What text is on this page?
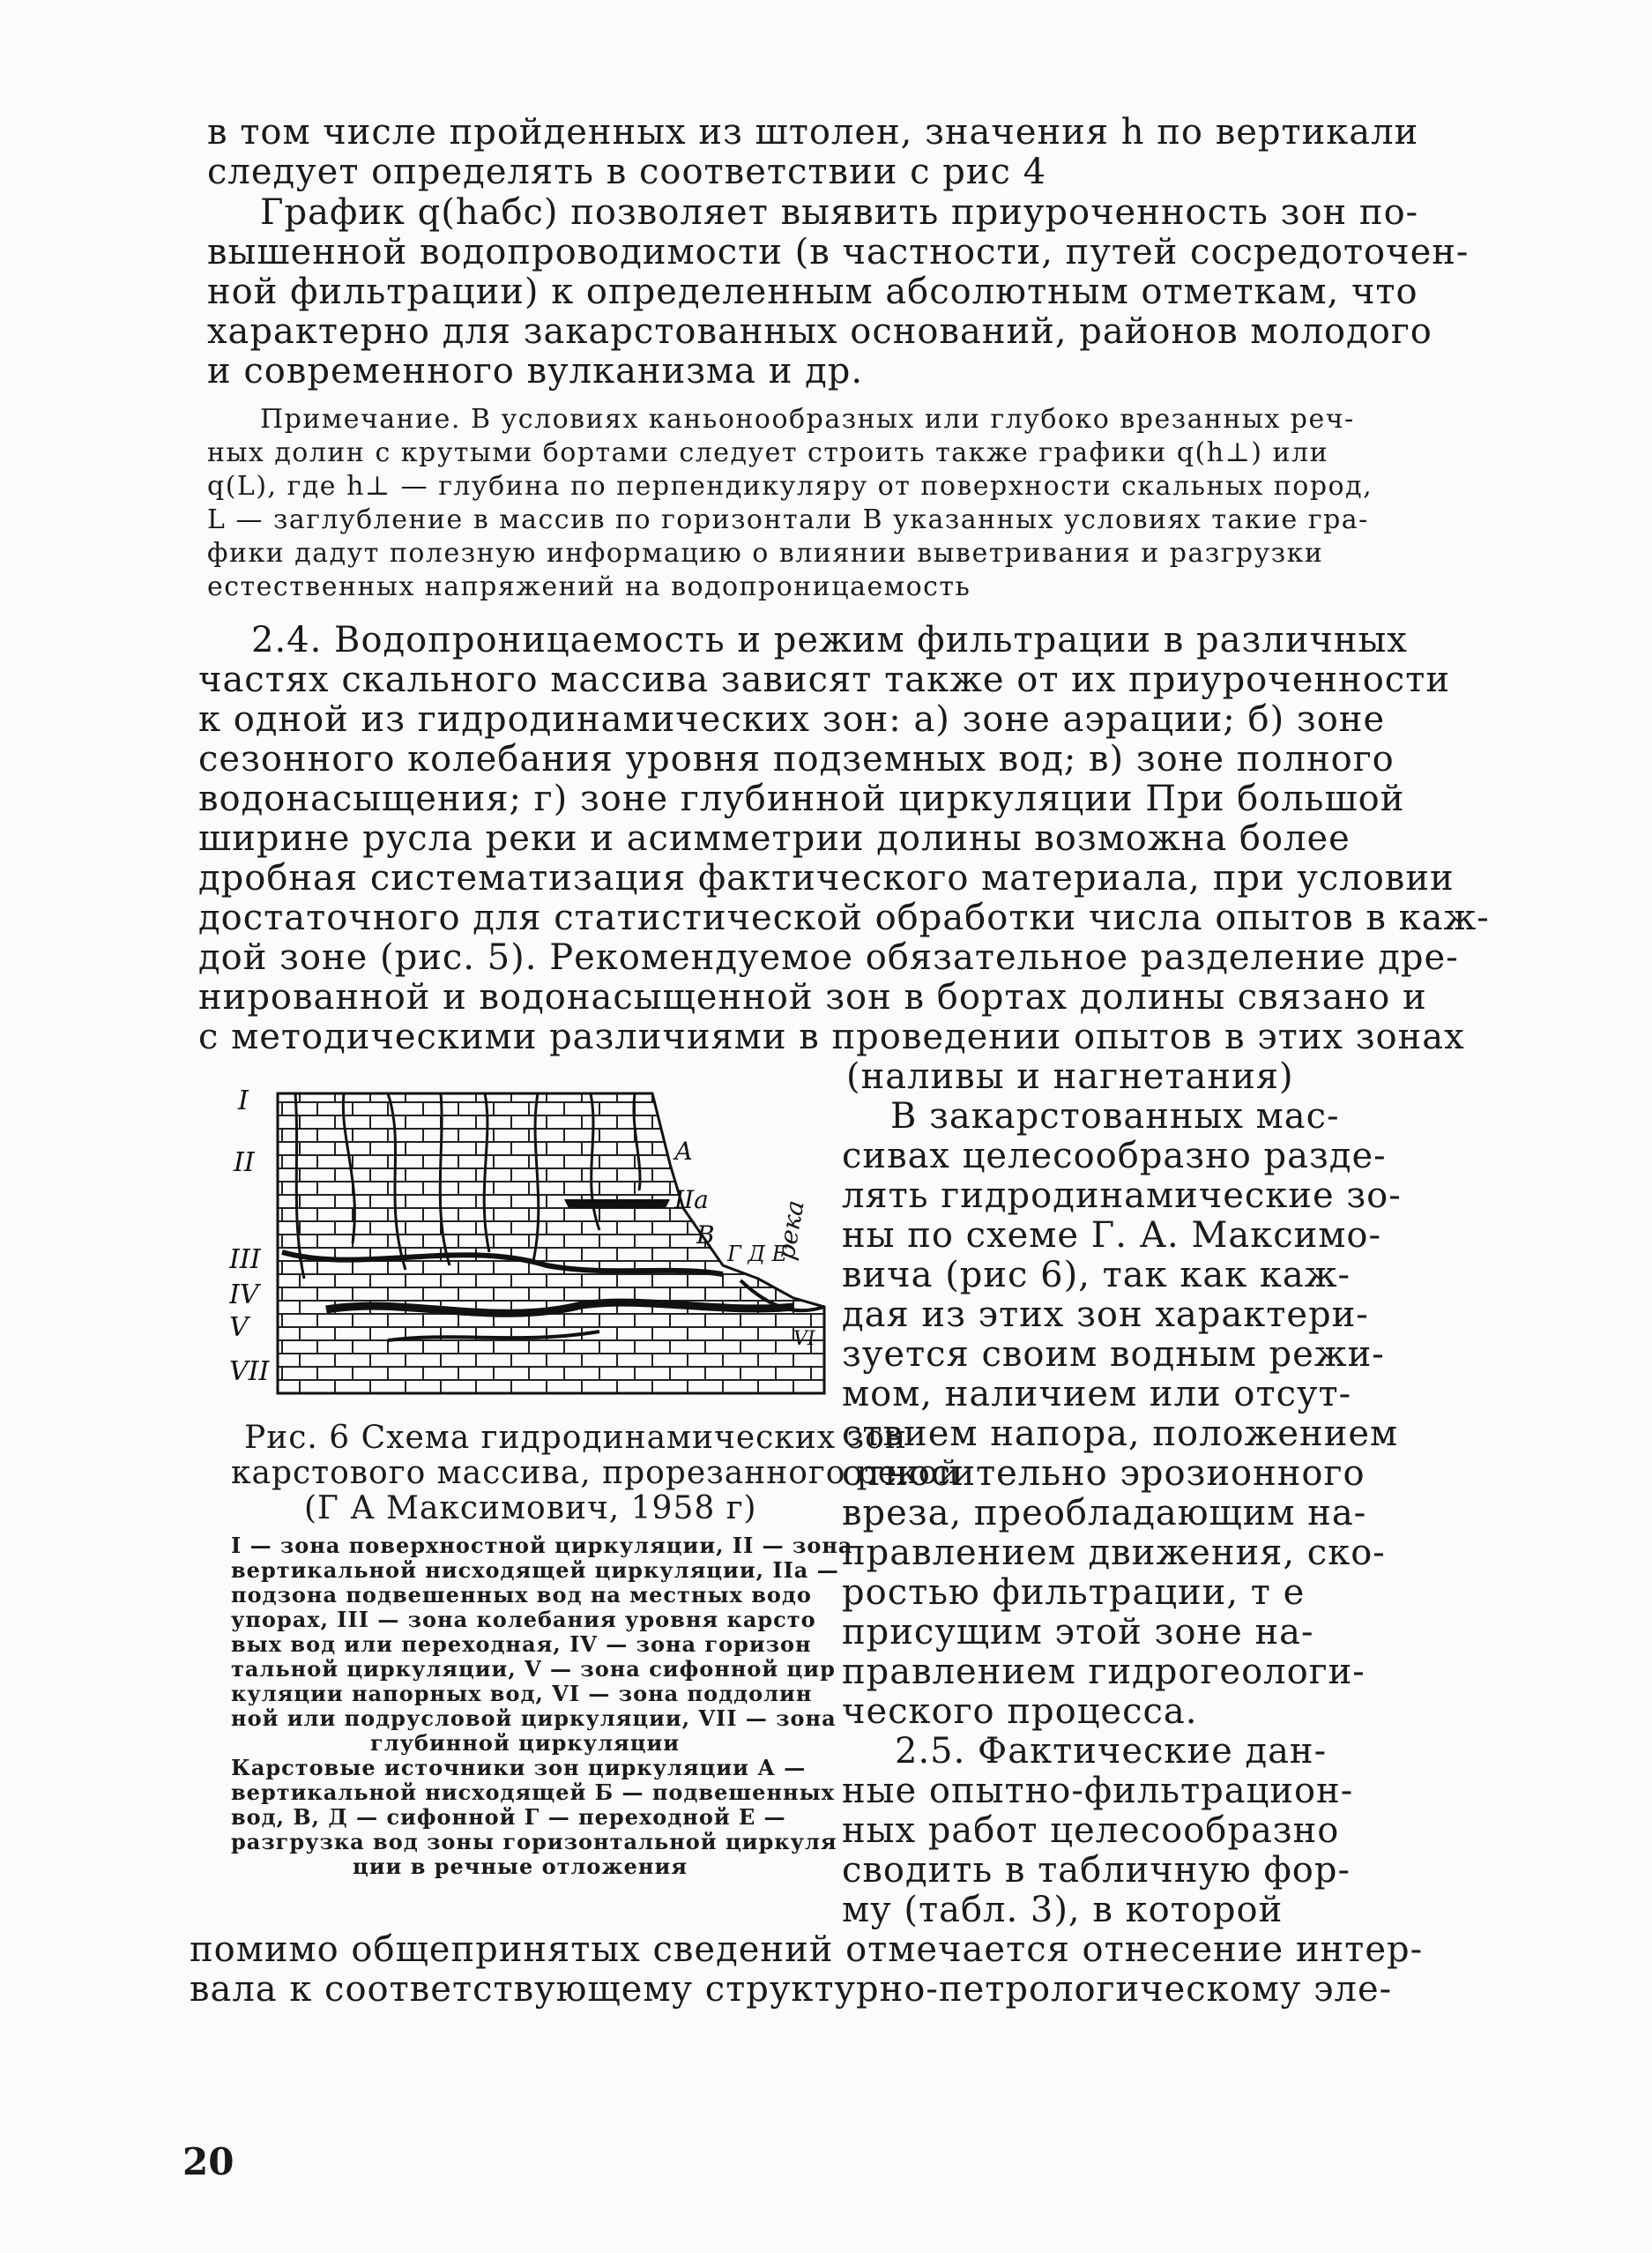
в том числе пройденных из штолен, значения h по вертикали
следует определять в соответствии с рис 4
График q(hабс) позволяет выявить приуроченность зон по-
вышенной водопроводимости (в частности, путей сосредоточен-
ной фильтрации) к определенным абсолютным отметкам, что
характерно для закарстованных оснований, районов молодого
и современного вулканизма и др.
Примечание. В условиях каньонообразных или глубоко врезанных реч-
ных долин с крутыми бортами следует строить также графики q(h⊥) или
q(L), где h⊥ — глубина по перпендикуляру от поверхности скальных пород,
L — заглубление в массив по горизонтали В указанных условиях такие гра-
фики дадут полезную информацию о влиянии выветривания и разгрузки
естественных напряжений на водопроницаемость
2.4. Водопроницаемость и режим фильтрации в различных
частях скального массива зависят также от их приуроченности
к одной из гидродинамических зон: а) зоне аэрации; б) зоне
сезонного колебания уровня подземных вод; в) зоне полного
водонасыщения; г) зоне глубинной циркуляции При большой
ширине русла реки и асимметрии долины возможна более
дробная систематизация фактического материала, при условии
достаточного для статистической обработки числа опытов в каж-
дой зоне (рис. 5). Рекомендуемое обязательное разделение дре-
нированной и водонасыщенной зон в бортах долины связано и
с методическими различиями в проведении опытов в этих зонах
(наливы и нагнетания)
В закарстованных мас-
сивах целесообразно разде-
лять гидродинамические зо-
ны по схеме Г. А. Максимо-
вича (рис 6), так как каж-
дая из этих зон характери-
зуется своим водным режи-
мом, наличием или отсут-
ствием напора, положением
относительно эрозионного
вреза, преобладающим на-
правлением движения, ско-
ростью фильтрации, т е
присущим этой зоне на-
правлением гидрогеологи-
ческого процесса.
2.5. Фактические дан-
ные опытно-фильтрацион-
ных работ целесообразно
сводить в табличную фор-
му (табл. 3), в которой
помимо общепринятых сведений отмечается отнесение интер-
вала к соответствующему структурно-петрологическому эле-
I
II
III
IV
V
VII
А
IIа
В
Г Д Е
река
VI
Рис. 6 Схема гидродинамических зон
карстового массива, прорезанного рекой
(Г А Максимович, 1958 г)
I — зона поверхностной циркуляции, II — зона
вертикальной нисходящей циркуляции, IIа —
подзона подвешенных вод на местных водо
упорах, III — зона колебания уровня карсто
вых вод или переходная, IV — зона горизон
тальной циркуляции, V — зона сифонной цир
куляции напорных вод, VI — зона поддолин
ной или подрусловой циркуляции, VII — зона
глубинной циркуляции
Карстовые источники зон циркуляции А —
вертикальной нисходящей Б — подвешенных
вод, В, Д — сифонной Г — переходной Е —
разгрузка вод зоны горизонтальной циркуля
ции в речные отложения
20
